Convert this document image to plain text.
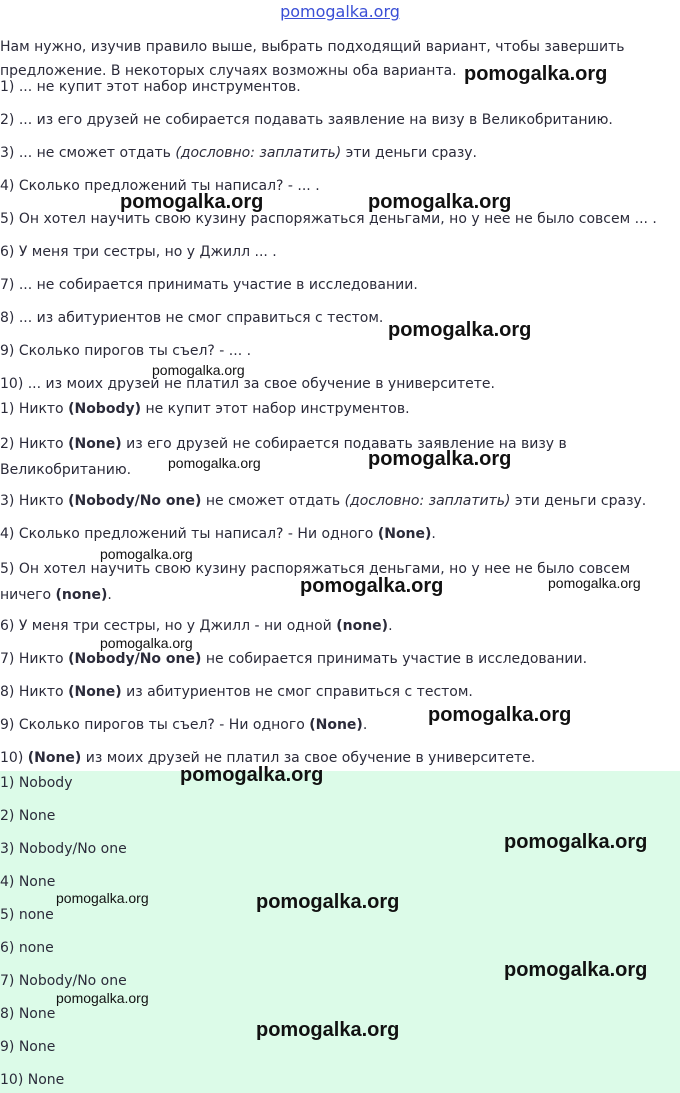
pomogalka.org
Нам нужно, изучив правило выше, выбрать подходящий вариант, чтобы завершить предложение. В некоторых случаях возможны оба варианта.
1) ... не купит этот набор инструментов.
2) ... из его друзей не собирается подавать заявление на визу в Великобританию.
3) ... не сможет отдать (дословно: заплатить) эти деньги сразу.
4) Сколько предложений ты написал? - ... .
5) Он хотел научить свою кузину распоряжаться деньгами, но у нее не было совсем ... .
6) У меня три сестры, но у Джилл ... .
7) ... не собирается принимать участие в исследовании.
8) ... из абитуриентов не смог справиться с тестом.
9) Сколько пирогов ты съел? - ... .
10) ... из моих друзей не платил за свое обучение в университете.
1) Никто (Nobody) не купит этот набор инструментов.
2) Никто (None) из его друзей не собирается подавать заявление на визу в Великобританию.
3) Никто (Nobody/No one) не сможет отдать (дословно: заплатить) эти деньги сразу.
4) Сколько предложений ты написал? - Ни одного (None).
5) Он хотел научить свою кузину распоряжаться деньгами, но у нее не было совсем ничего (none).
6) У меня три сестры, но у Джилл - ни одной (none).
7) Никто (Nobody/No one) не собирается принимать участие в исследовании.
8) Никто (None) из абитуриентов не смог справиться с тестом.
9) Сколько пирогов ты съел? - Ни одного (None).
10) (None) из моих друзей не платил за свое обучение в университете.
1) Nobody
2) None
3) Nobody/No one
4) None
5) none
6) none
7) Nobody/No one
8) None
9) None
10) None
pomogalka.org
pomogalka.org	pomogalka.org
pomogalka.org
pomogalka.org
pomogalka.org	pomogalka.org
pomogalka.org
pomogalka.org	pomogalka.org
pomogalka.org
pomogalka.org
pomogalka.org
pomogalka.org
pomogalka.org	pomogalka.org
pomogalka.org
pomogalka.org
pomogalka.org
